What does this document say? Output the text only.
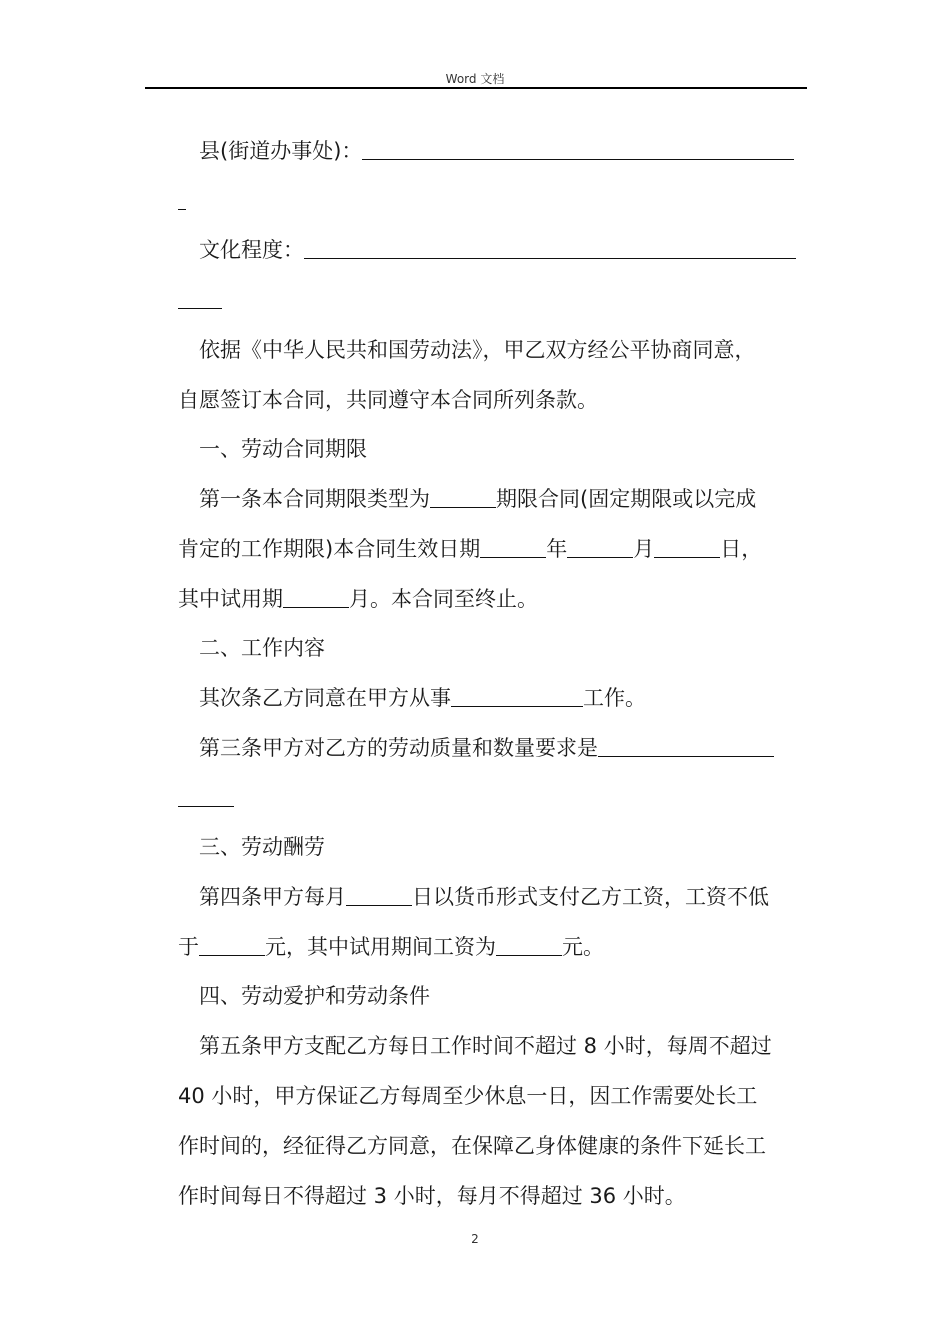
Word 文档
县(街道办事处)：
文化程度：
依据《中华人民共和国劳动法》，甲乙双方经公平协商同意，
自愿签订本合同，共同遵守本合同所列条款。
一、劳动合同期限
第一条本合同期限类型为	期限合同(固定期限或以完成
肯定的工作期限)本合同生效日期	年	月	日，
其中试用期	月。本合同至终止。
二、工作内容
其次条乙方同意在甲方从事	工作。
第三条甲方对乙方的劳动质量和数量要求是
三、劳动酬劳
第四条甲方每月	日以货币形式支付乙方工资，工资不低
于	元，其中试用期间工资为	元。
四、劳动爱护和劳动条件
第五条甲方支配乙方每日工作时间不超过 8 小时，每周不超过
40 小时，甲方保证乙方每周至少休息一日，因工作需要处长工
作时间的，经征得乙方同意，在保障乙身体健康的条件下延长工
作时间每日不得超过 3 小时，每月不得超过 36 小时。
2
